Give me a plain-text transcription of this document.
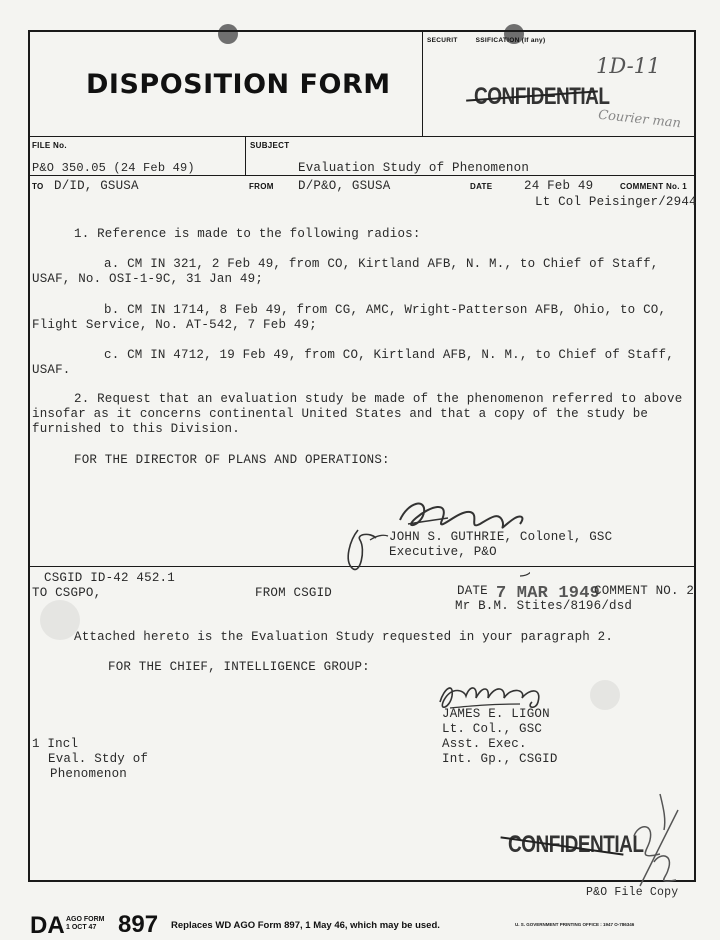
DISPOSITION FORM
SECURIT	SSIFICATION (If any)
1D-11
CONFIDENTIAL
Courier man
FILE No.
P&O 350.05 (24 Feb 49)
SUBJECT
Evaluation Study of Phenomenon
TO D/ID, GSUSA	FROM D/P&O, GSUSA	DATE	24 Feb 49	COMMENT No. 1
Lt Col Peisinger/2944
1. Reference is made to the following radios:
a. CM IN 321, 2 Feb 49, from CO, Kirtland AFB, N. M., to Chief of Staff,
USAF, No. OSI-1-9C, 31 Jan 49;
b. CM IN 1714, 8 Feb 49, from CG, AMC, Wright-Patterson AFB, Ohio, to CO,
Flight Service, No. AT-542, 7 Feb 49;
c. CM IN 4712, 19 Feb 49, from CO, Kirtland AFB, N. M., to Chief of Staff,
USAF.
2. Request that an evaluation study be made of the phenomenon referred to above
insofar as it concerns continental United States and that a copy of the study be
furnished to this Division.
FOR THE DIRECTOR OF PLANS AND OPERATIONS:
JOHN S. GUTHRIE, Colonel, GSC
Executive, P&O
CSGID ID-42 452.1
TO CSGPO,	FROM CSGID	DATE 7 MAR 1949
COMMENT NO. 2
Mr B.M. Stites/8196/dsd
Attached hereto is the Evaluation Study requested in your paragraph 2.
FOR THE CHIEF, INTELLIGENCE GROUP:
JAMES E. LIGON
Lt. Col., GSC
Asst. Exec.
Int. Gp., CSGID
1 Incl
Eval. Stdy of
Phenomenon
CONFIDENTIAL
P&O File Copy
DA AGO FORM
1 OCT 47 897 Replaces WD AGO Form 897, 1 May 46, which may be used.	U. S. GOVERNMENT PRINTING OFFICE : 1947 O-786346
